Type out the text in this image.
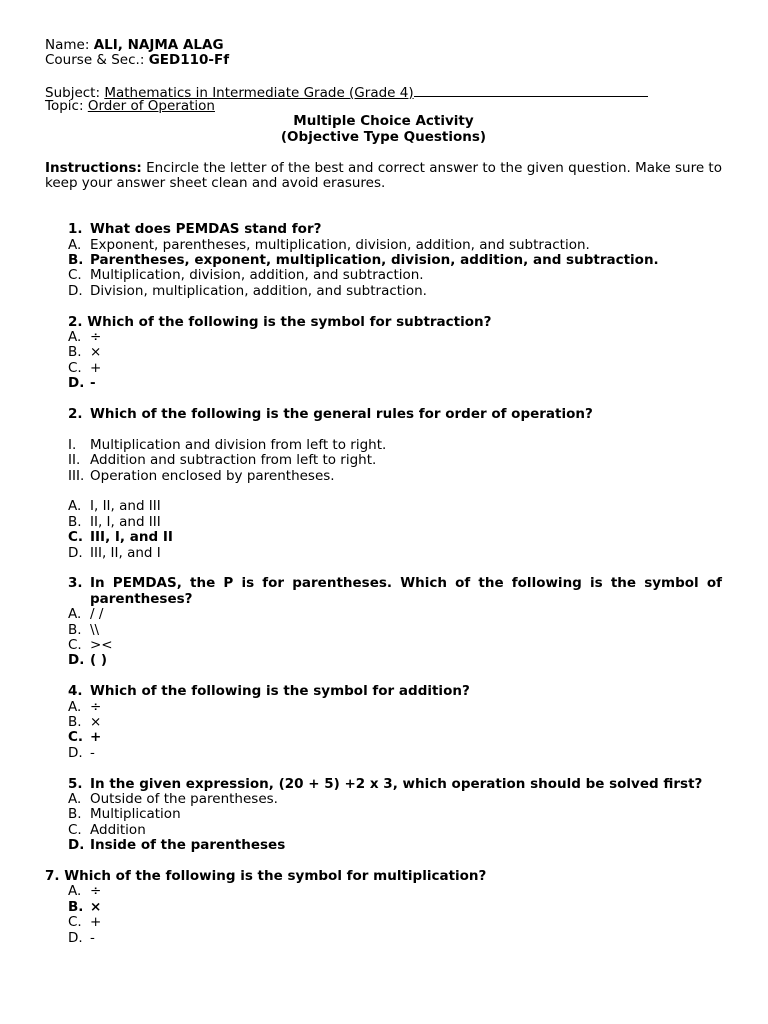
Name: ALI, NAJMA ALAG
Course & Sec.: GED110-Ff
Subject: Mathematics in Intermediate Grade (Grade 4)
Topic: Order of Operation
Multiple Choice Activity
(Objective Type Questions)
Instructions: Encircle the letter of the best and correct answer to the given question. Make sure to keep your answer sheet clean and avoid erasures.
1. What does PEMDAS stand for?
A. Exponent, parentheses, multiplication, division, addition, and subtraction.
B. Parentheses, exponent, multiplication, division, addition, and subtraction.
C. Multiplication, division, addition, and subtraction.
D. Division, multiplication, addition, and subtraction.
2. Which of the following is the symbol for subtraction?
A. ÷
B. ×
C. +
D. -
2. Which of the following is the general rules for order of operation?
I. Multiplication and division from left to right.
II. Addition and subtraction from left to right.
III. Operation enclosed by parentheses.
A. I, II, and III
B. II, I, and III
C. III, I, and II
D. III, II, and I
3. In PEMDAS, the P is for parentheses. Which of the following is the symbol of parentheses?
A. / /
B. \\
C. ><
D. ( )
4. Which of the following is the symbol for addition?
A. ÷
B. ×
C. +
D. -
5. In the given expression, (20 + 5) +2 x 3, which operation should be solved first?
A. Outside of the parentheses.
B. Multiplication
C. Addition
D. Inside of the parentheses
7. Which of the following is the symbol for multiplication?
A. ÷
B. ×
C. +
D. -
